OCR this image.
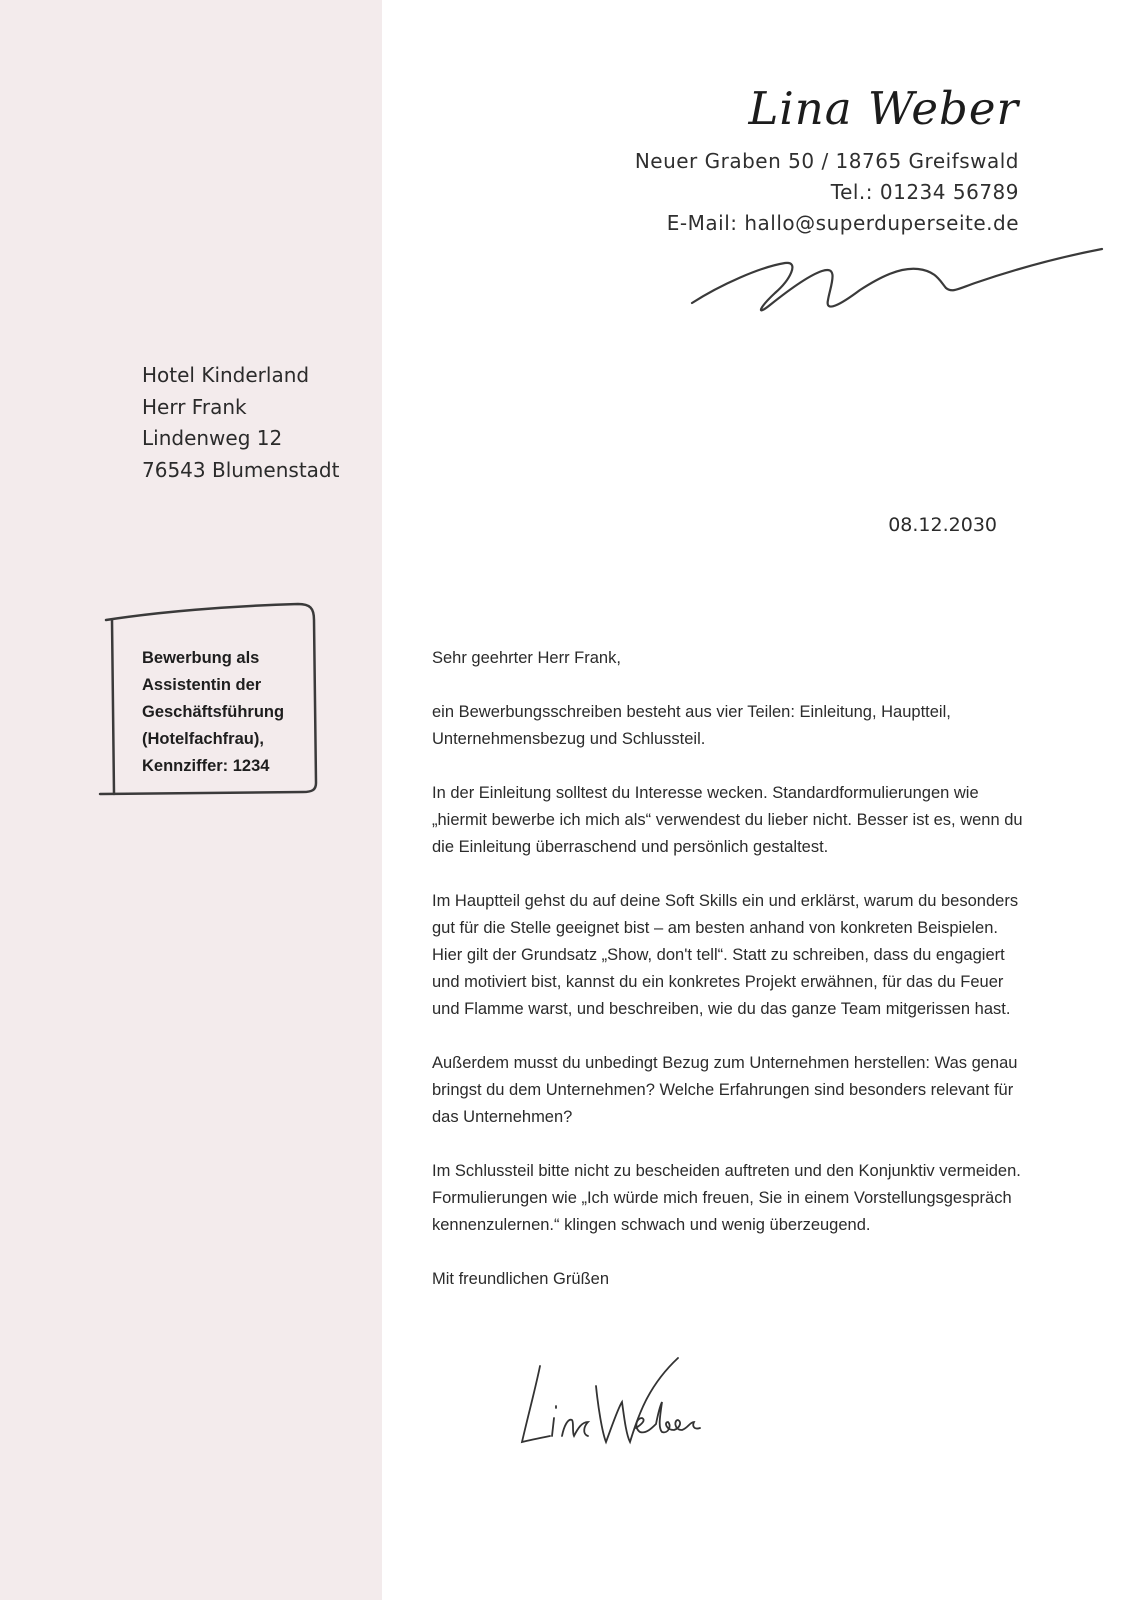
Lina Weber
Neuer Graben 50 / 18765 Greifswald
Tel.: 01234 56789
E-Mail: hallo@superduperseite.de
Hotel Kinderland
Herr Frank
Lindenweg 12
76543 Blumenstadt
08.12.2030
Bewerbung als Assistentin der Geschäftsführung (Hotelfachfrau), Kennziffer: 1234

Sehr geehrter Herr Frank,

ein Bewerbungsschreiben besteht aus vier Teilen: Einleitung, Hauptteil, Unternehmensbezug und Schlussteil.

In der Einleitung solltest du Interesse wecken. Standardformulierungen wie „hiermit bewerbe ich mich als“ verwendest du lieber nicht. Besser ist es, wenn du die Einleitung überraschend und persönlich gestaltest.

Im Hauptteil gehst du auf deine Soft Skills ein und erklärst, warum du besonders gut für die Stelle geeignet bist – am besten anhand von konkreten Beispielen. Hier gilt der Grundsatz „Show, don't tell“. Statt zu schreiben, dass du engagiert und motiviert bist, kannst du ein konkretes Projekt erwähnen, für das du Feuer und Flamme warst, und beschreiben, wie du das ganze Team mitgerissen hast.

Außerdem musst du unbedingt Bezug zum Unternehmen herstellen: Was genau bringst du dem Unternehmen? Welche Erfahrungen sind besonders relevant für das Unternehmen?

Im Schlussteil bitte nicht zu bescheiden auftreten und den Konjunktiv vermeiden. Formulierungen wie „Ich würde mich freuen, Sie in einem Vorstellungsgespräch kennenzulernen.“ klingen schwach und wenig überzeugend.

Mit freundlichen Grüßen
